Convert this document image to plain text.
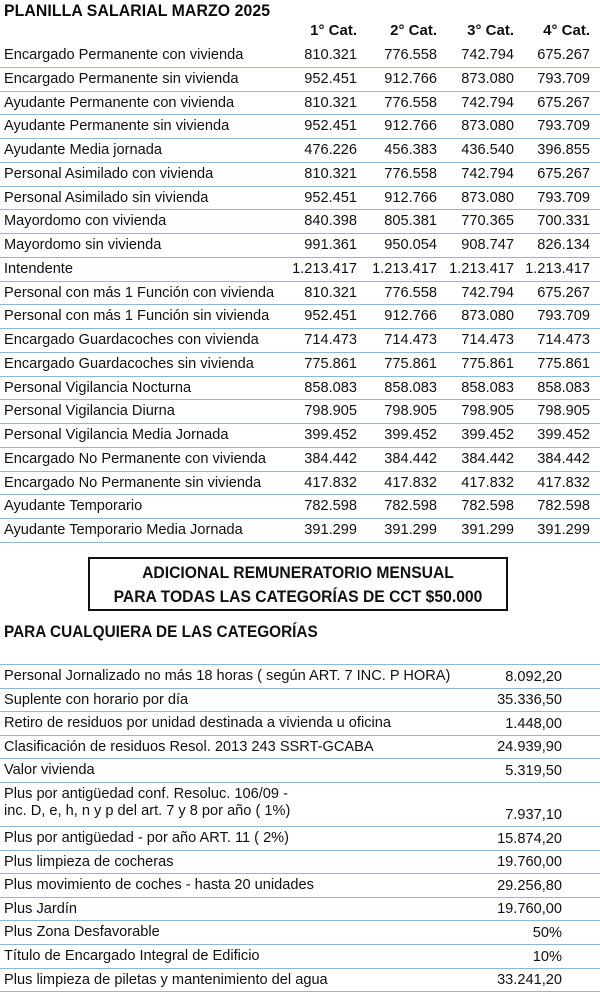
PLANILLA SALARIAL MARZO 2025
1° Cat. 2° Cat. 3° Cat. 4° Cat.
Encargado Permanente con vivienda	810.321 776.558 742.794 675.267
Encargado Permanente sin vivienda	952.451 912.766 873.080 793.709
Ayudante Permanente con vivienda	810.321 776.558 742.794 675.267
Ayudante Permanente sin vivienda	952.451 912.766 873.080 793.709
Ayudante Media jornada	476.226 456.383 436.540 396.855
Personal Asimilado con vivienda	810.321 776.558 742.794 675.267
Personal Asimilado sin vivienda	952.451 912.766 873.080 793.709
Mayordomo con vivienda	840.398 805.381 770.365 700.331
Mayordomo sin vivienda	991.361 950.054 908.747 826.134
Intendente	1.213.417 1.213.417 1.213.417 1.213.417
Personal con más 1 Función con vivienda 810.321 776.558 742.794 675.267
Personal con más 1 Función sin vivienda 952.451 912.766 873.080 793.709
Encargado Guardacoches con vivienda	714.473 714.473 714.473 714.473
Encargado Guardacoches sin vivienda	775.861 775.861 775.861 775.861
Personal Vigilancia Nocturna	858.083 858.083 858.083 858.083
Personal Vigilancia Diurna	798.905 798.905 798.905 798.905
Personal Vigilancia Media Jornada	399.452 399.452 399.452 399.452
Encargado No Permanente con vivienda	384.442 384.442 384.442 384.442
Encargado No Permanente sin vivienda	417.832 417.832 417.832 417.832
Ayudante Temporario	782.598 782.598 782.598 782.598
Ayudante Temporario Media Jornada	391.299 391.299 391.299 391.299
ADICIONAL REMUNERATORIO MENSUAL
PARA TODAS LAS CATEGORÍAS DE CCT $50.000
PARA CUALQUIERA DE LAS CATEGORÍAS
Personal Jornalizado no más 18 horas ( según ART. 7 INC. P HORA)	8.092,20
Suplente con horario por día	35.336,50
Retiro de residuos por unidad destinada a vivienda u oficina	1.448,00
Clasificación de residuos Resol. 2013 243 SSRT-GCABA	24.939,90
Valor vivienda	5.319,50
Plus por antigüedad conf. Resoluc. 106/09 -
inc. D, e, h, n y p del art. 7 y 8 por año ( 1%)	7.937,10
Plus por antigüedad - por año ART. 11 ( 2%)	15.874,20
Plus limpieza de cocheras	19.760,00
Plus movimiento de coches - hasta 20 unidades	29.256,80
Plus Jardín	19.760,00
Plus Zona Desfavorable	50%
Título de Encargado Integral de Edificio	10%
Plus limpieza de piletas y mantenimiento del agua	33.241,20
